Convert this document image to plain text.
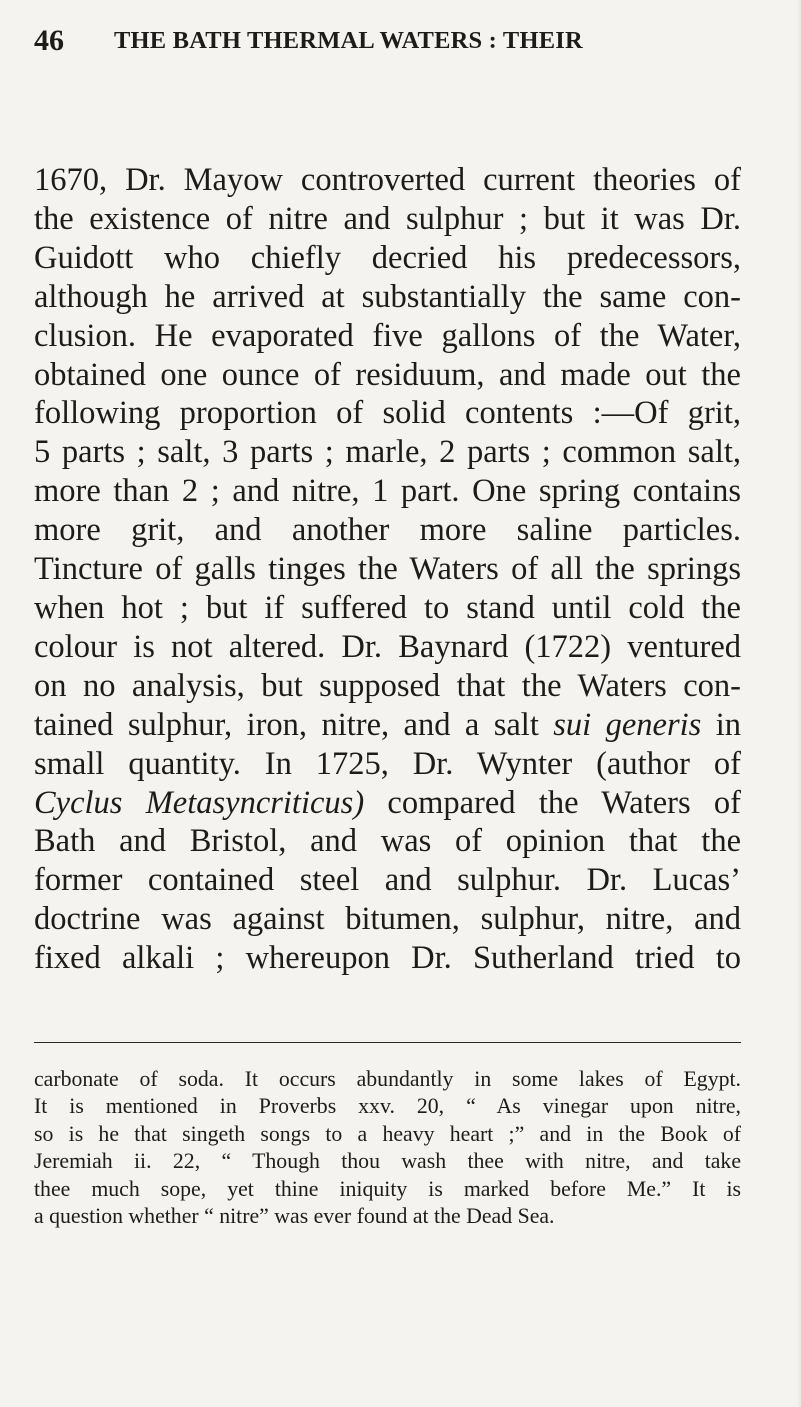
46 THE BATH THERMAL WATERS : THEIR
1670, Dr. Mayow controverted current theories of
the existence of nitre and sulphur ; but it was Dr.
Guidott who chiefly decried his predecessors,
although he arrived at substantially the same con-
clusion. He evaporated five gallons of the Water,
obtained one ounce of residuum, and made out the
following proportion of solid contents :—Of grit,
5 parts ; salt, 3 parts ; marle, 2 parts ; common salt,
more than 2 ; and nitre, 1 part. One spring contains
more grit, and another more saline particles.
Tincture of galls tinges the Waters of all the springs
when hot ; but if suffered to stand until cold the
colour is not altered. Dr. Baynard (1722) ventured
on no analysis, but supposed that the Waters con-
tained sulphur, iron, nitre, and a salt sui generis in
small quantity. In 1725, Dr. Wynter (author of
Cyclus Metasyncriticus) compared the Waters of
Bath and Bristol, and was of opinion that the
former contained steel and sulphur. Dr. Lucas’
doctrine was against bitumen, sulphur, nitre, and
fixed alkali ; whereupon Dr. Sutherland tried to
carbonate of soda. It occurs abundantly in some lakes of Egypt.
It is mentioned in Proverbs xxv. 20, “ As vinegar upon nitre,
so is he that singeth songs to a heavy heart ;” and in the Book of
Jeremiah ii. 22, “ Though thou wash thee with nitre, and take
thee much sope, yet thine iniquity is marked before Me.” It is
a question whether “ nitre” was ever found at the Dead Sea.
